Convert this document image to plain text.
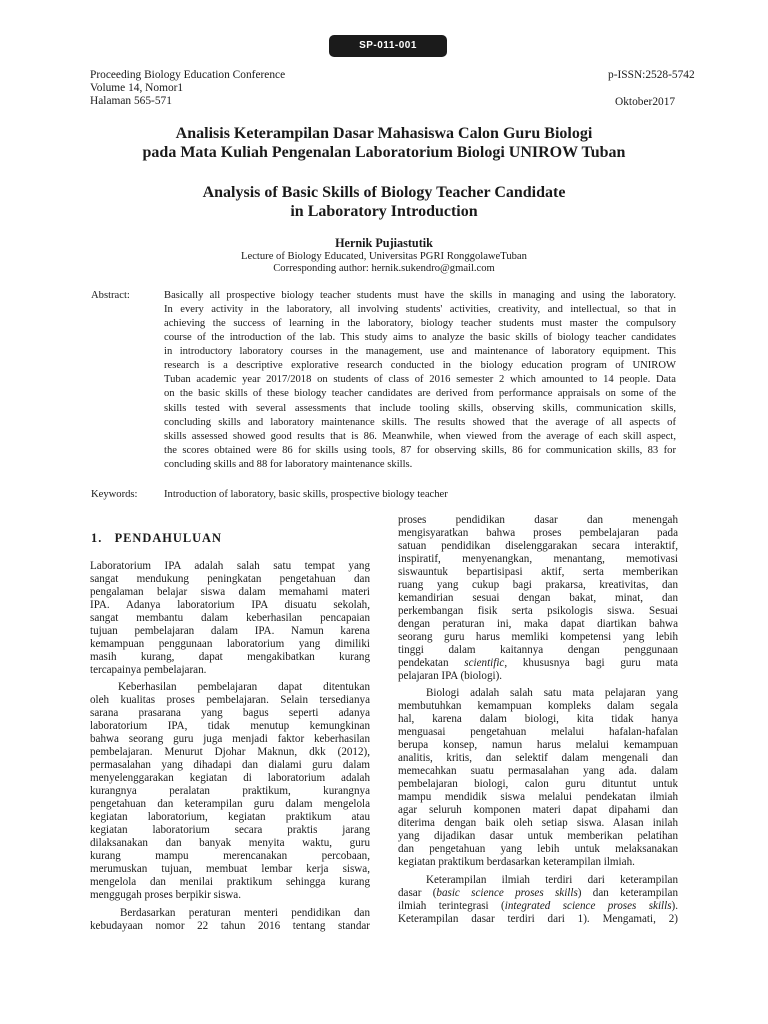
SP-011-001
Proceeding Biology Education Conference
Volume 14, Nomor1
Halaman 565-571
p-ISSN:2528-5742
Oktober2017
Analisis Keterampilan Dasar Mahasiswa Calon Guru Biologi
pada Mata Kuliah Pengenalan Laboratorium Biologi UNIROW Tuban
Analysis of Basic Skills of Biology Teacher Candidate
in Laboratory Introduction
Hernik Pujiastutik
Lecture of Biology Educated, Universitas PGRI RonggolaweTuban
Corresponding author: hernik.sukendro@gmail.com
Abstract:	Basically all prospective biology teacher students must have the skills in managing and using the laboratory.
In every activity in the laboratory, all involving students' activities, creativity, and intellectual, so that in
achieving the success of learning in the laboratory, biology teacher students must master the compulsory
course of the introduction of the lab. This study aims to analyze the basic skills of biology teacher candidates
in introductory laboratory courses in the management, use and maintenance of laboratory equipment. This
research is a descriptive explorative research conducted in the biology education program of UNIROW
Tuban academic year 2017/2018 on students of class of 2016 semester 2 which amounted to 14 people. Data
on the basic skills of these biology teacher candidates are derived from performance appraisals on some of the
skills tested with several assessments that include tooling skills, observing skills, communication skills,
concluding skills and laboratory maintenance skills. The results showed that the average of all aspects of
skills assessed showed good results that is 86. Meanwhile, when viewed from the average of each skill aspect,
the scores obtained were 86 for skills using tools, 87 for observing skills, 86 for communication skills, 83 for
concluding skills and 88 for laboratory maintenance skills.
Keywords:	Introduction of laboratory, basic skills, prospective biology teacher
1.   PENDAHULUAN
Laboratorium IPA adalah salah satu tempat yang
sangat mendukung peningkatan pengetahuan dan
pengalaman belajar siswa dalam memahami materi
IPA. Adanya laboratorium IPA disuatu sekolah,
sangat membantu dalam keberhasilan pencapaian
tujuan pembelajaran dalam IPA. Namun karena
kemampuan penggunaan laboratorium yang dimiliki
masih kurang, dapat mengakibatkan kurang
tercapainya pembelajaran.
Keberhasilan pembelajaran dapat ditentukan
oleh kualitas proses pembelajaran. Selain tersedianya
sarana prasarana yang bagus seperti adanya
laboratorium IPA, tidak menutup kemungkinan
bahwa seorang guru juga menjadi faktor keberhasilan
pembelajaran. Menurut Djohar Maknun, dkk (2012),
permasalahan yang dihadapi dan dialami guru dalam
menyelenggarakan kegiatan di laboratorium adalah
kurangnya peralatan praktikum, kurangnya
pengetahuan dan keterampilan guru dalam mengelola
kegiatan laboratorium, kegiatan praktikum atau
kegiatan laboratorium secara praktis jarang
dilaksanakan dan banyak menyita waktu, guru
kurang mampu merencanakan percobaan,
merumuskan tujuan, membuat lembar kerja siswa,
mengelola dan menilai praktikum sehingga kurang
menggugah proses berpikir siswa.
Berdasarkan peraturan menteri pendidikan dan
kebudayaan nomor 22 tahun 2016 tentang standar
proses pendidikan dasar dan menengah
mengisyaratkan bahwa proses pembelajaran pada
satuan pendidikan diselenggarakan secara interaktif,
inspiratif, menyenangkan, menantang, memotivasi
siswauntuk bepartisipasi aktif, serta memberikan
ruang yang cukup bagi prakarsa, kreativitas, dan
kemandirian sesuai dengan bakat, minat, dan
perkembangan fisik serta psikologis siswa. Sesuai
dengan peraturan ini, maka dapat diartikan bahwa
seorang guru harus memliki kompetensi yang lebih
tinggi dalam kaitannya dengan penggunaan
pendekatan scientific, khususnya bagi guru mata
pelajaran IPA (biologi).
Biologi adalah salah satu mata pelajaran yang
membutuhkan kemampuan kompleks dalam segala
hal, karena dalam biologi, kita tidak hanya
menguasai pengetahuan melalui hafalan-hafalan
berupa konsep, namun harus melalui kemampuan
analitis, kritis, dan selektif dalam mengenali dan
memecahkan suatu permasalahan yang ada. dalam
pembelajaran biologi, calon guru dituntut untuk
mampu mendidik siswa melalui pendekatan ilmiah
agar seluruh komponen materi dapat dipahami dan
diterima dengan baik oleh setiap siswa. Alasan inilah
yang dijadikan dasar untuk memberikan pelatihan
dan pengetahuan yang lebih untuk melaksanakan
kegiatan praktikum berdasarkan keterampilan ilmiah.
Keterampilan ilmiah terdiri dari keterampilan
dasar (basic science proses skills) dan keterampilan
ilmiah terintegrasi (integrated science proses skills).
Keterampilan dasar terdiri dari 1). Mengamati, 2)
